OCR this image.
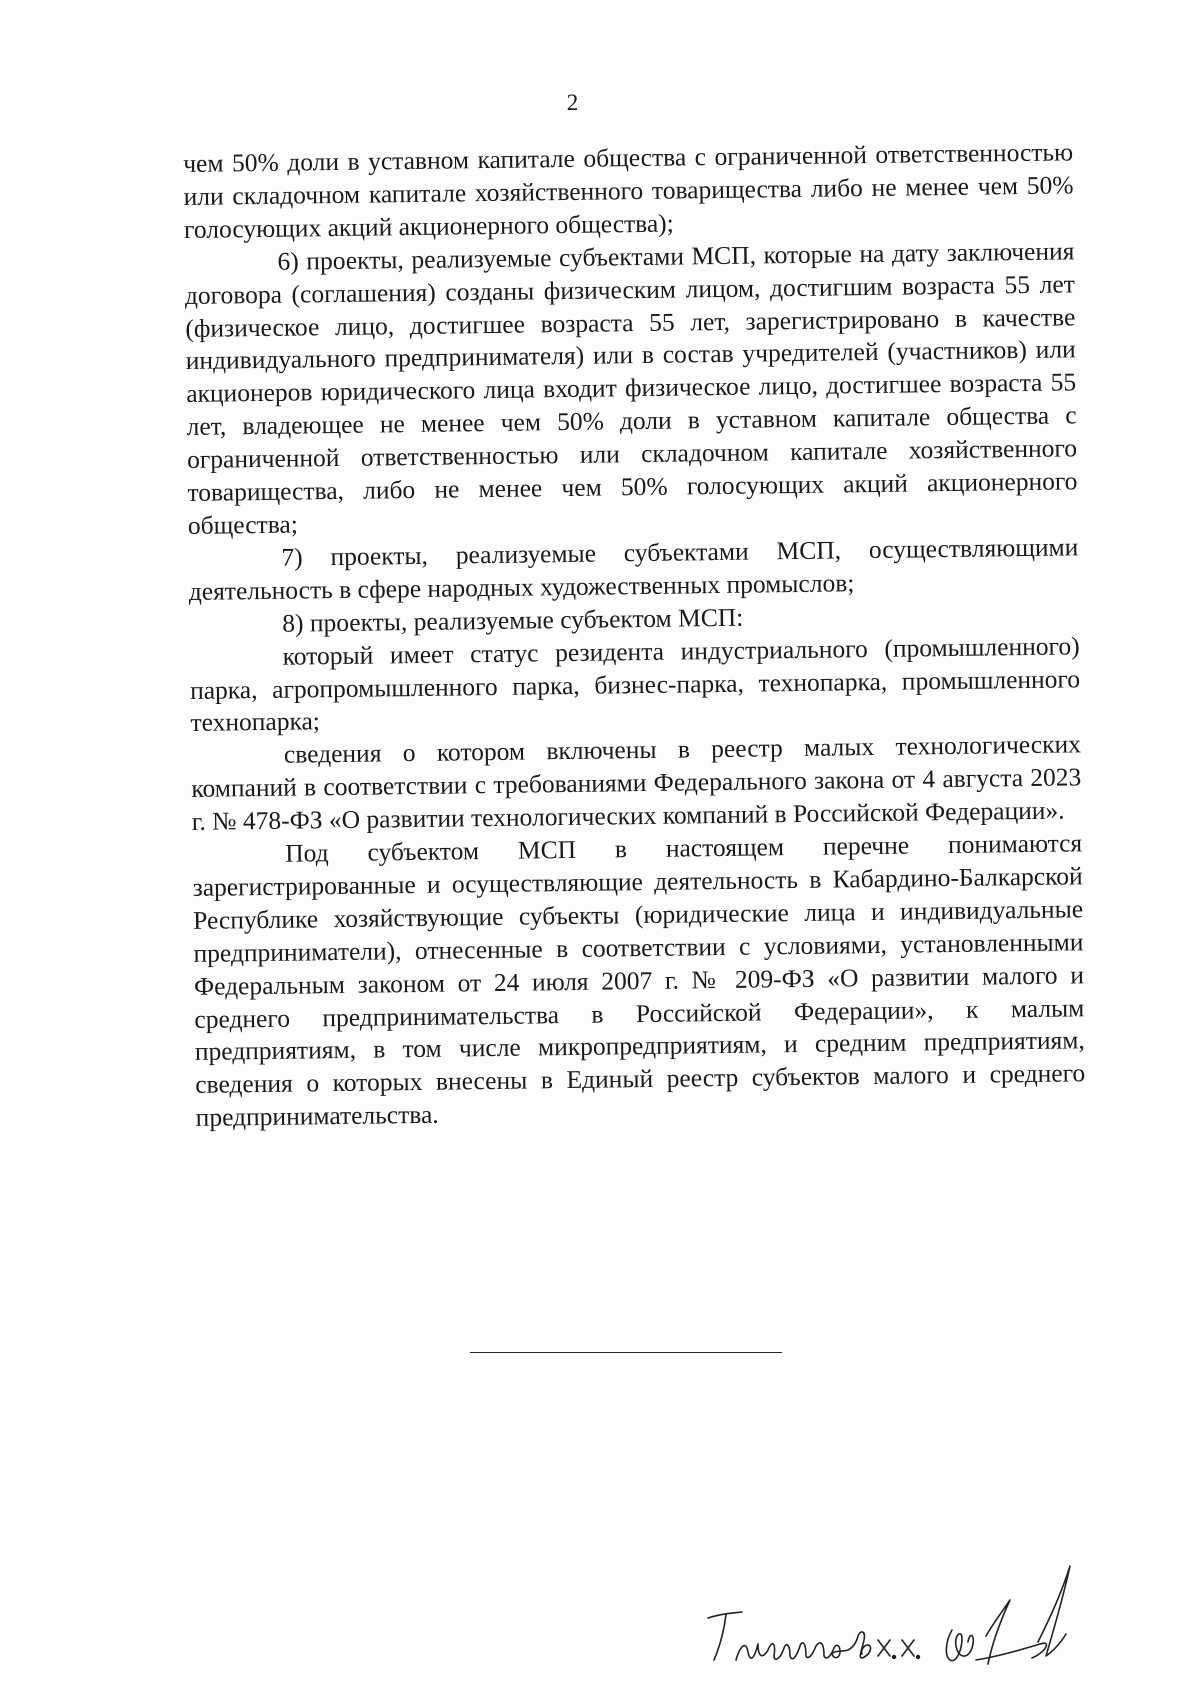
2

чем 50% доли в уставном капитале общества с ограниченной ответственностью или складочном капитале хозяйственного товарищества либо не менее чем 50% голосующих акций акционерного общества);

6) проекты, реализуемые субъектами МСП, которые на дату заключения договора (соглашения) созданы физическим лицом, достигшим возраста 55 лет (физическое лицо, достигшее возраста 55 лет, зарегистрировано в качестве индивидуального предпринимателя) или в состав учредителей (участников) или акционеров юридического лица входит физическое лицо, достигшее возраста 55 лет, владеющее не менее чем 50% доли в уставном капитале общества с ограниченной ответственностью или складочном капитале хозяйственного товарищества, либо не менее чем 50% голосующих акций акционерного общества;

7) проекты, реализуемые субъектами МСП, осуществляющими деятельность в сфере народных художественных промыслов;

8) проекты, реализуемые субъектом МСП:

который имеет статус резидента индустриального (промышленного) парка, агропромышленного парка, бизнес-парка, технопарка, промышленного технопарка;

сведения о котором включены в реестр малых технологических компаний в соответствии с требованиями Федерального закона от 4 августа 2023 г. № 478-ФЗ «О развитии технологических компаний в Российской Федерации».

Под субъектом МСП в настоящем перечне понимаются зарегистрированные и осуществляющие деятельность в Кабардино-Балкарской Республике хозяйствующие субъекты (юридические лица и индивидуальные предприниматели), отнесенные в соответствии с условиями, установленными Федеральным законом от 24 июля 2007 г. № 209-ФЗ «О развитии малого и среднего предпринимательства в Российской Федерации», к малым предприятиям, в том числе микропредприятиям, и средним предприятиям, сведения о которых внесены в Единый реестр субъектов малого и среднего предпринимательства.
